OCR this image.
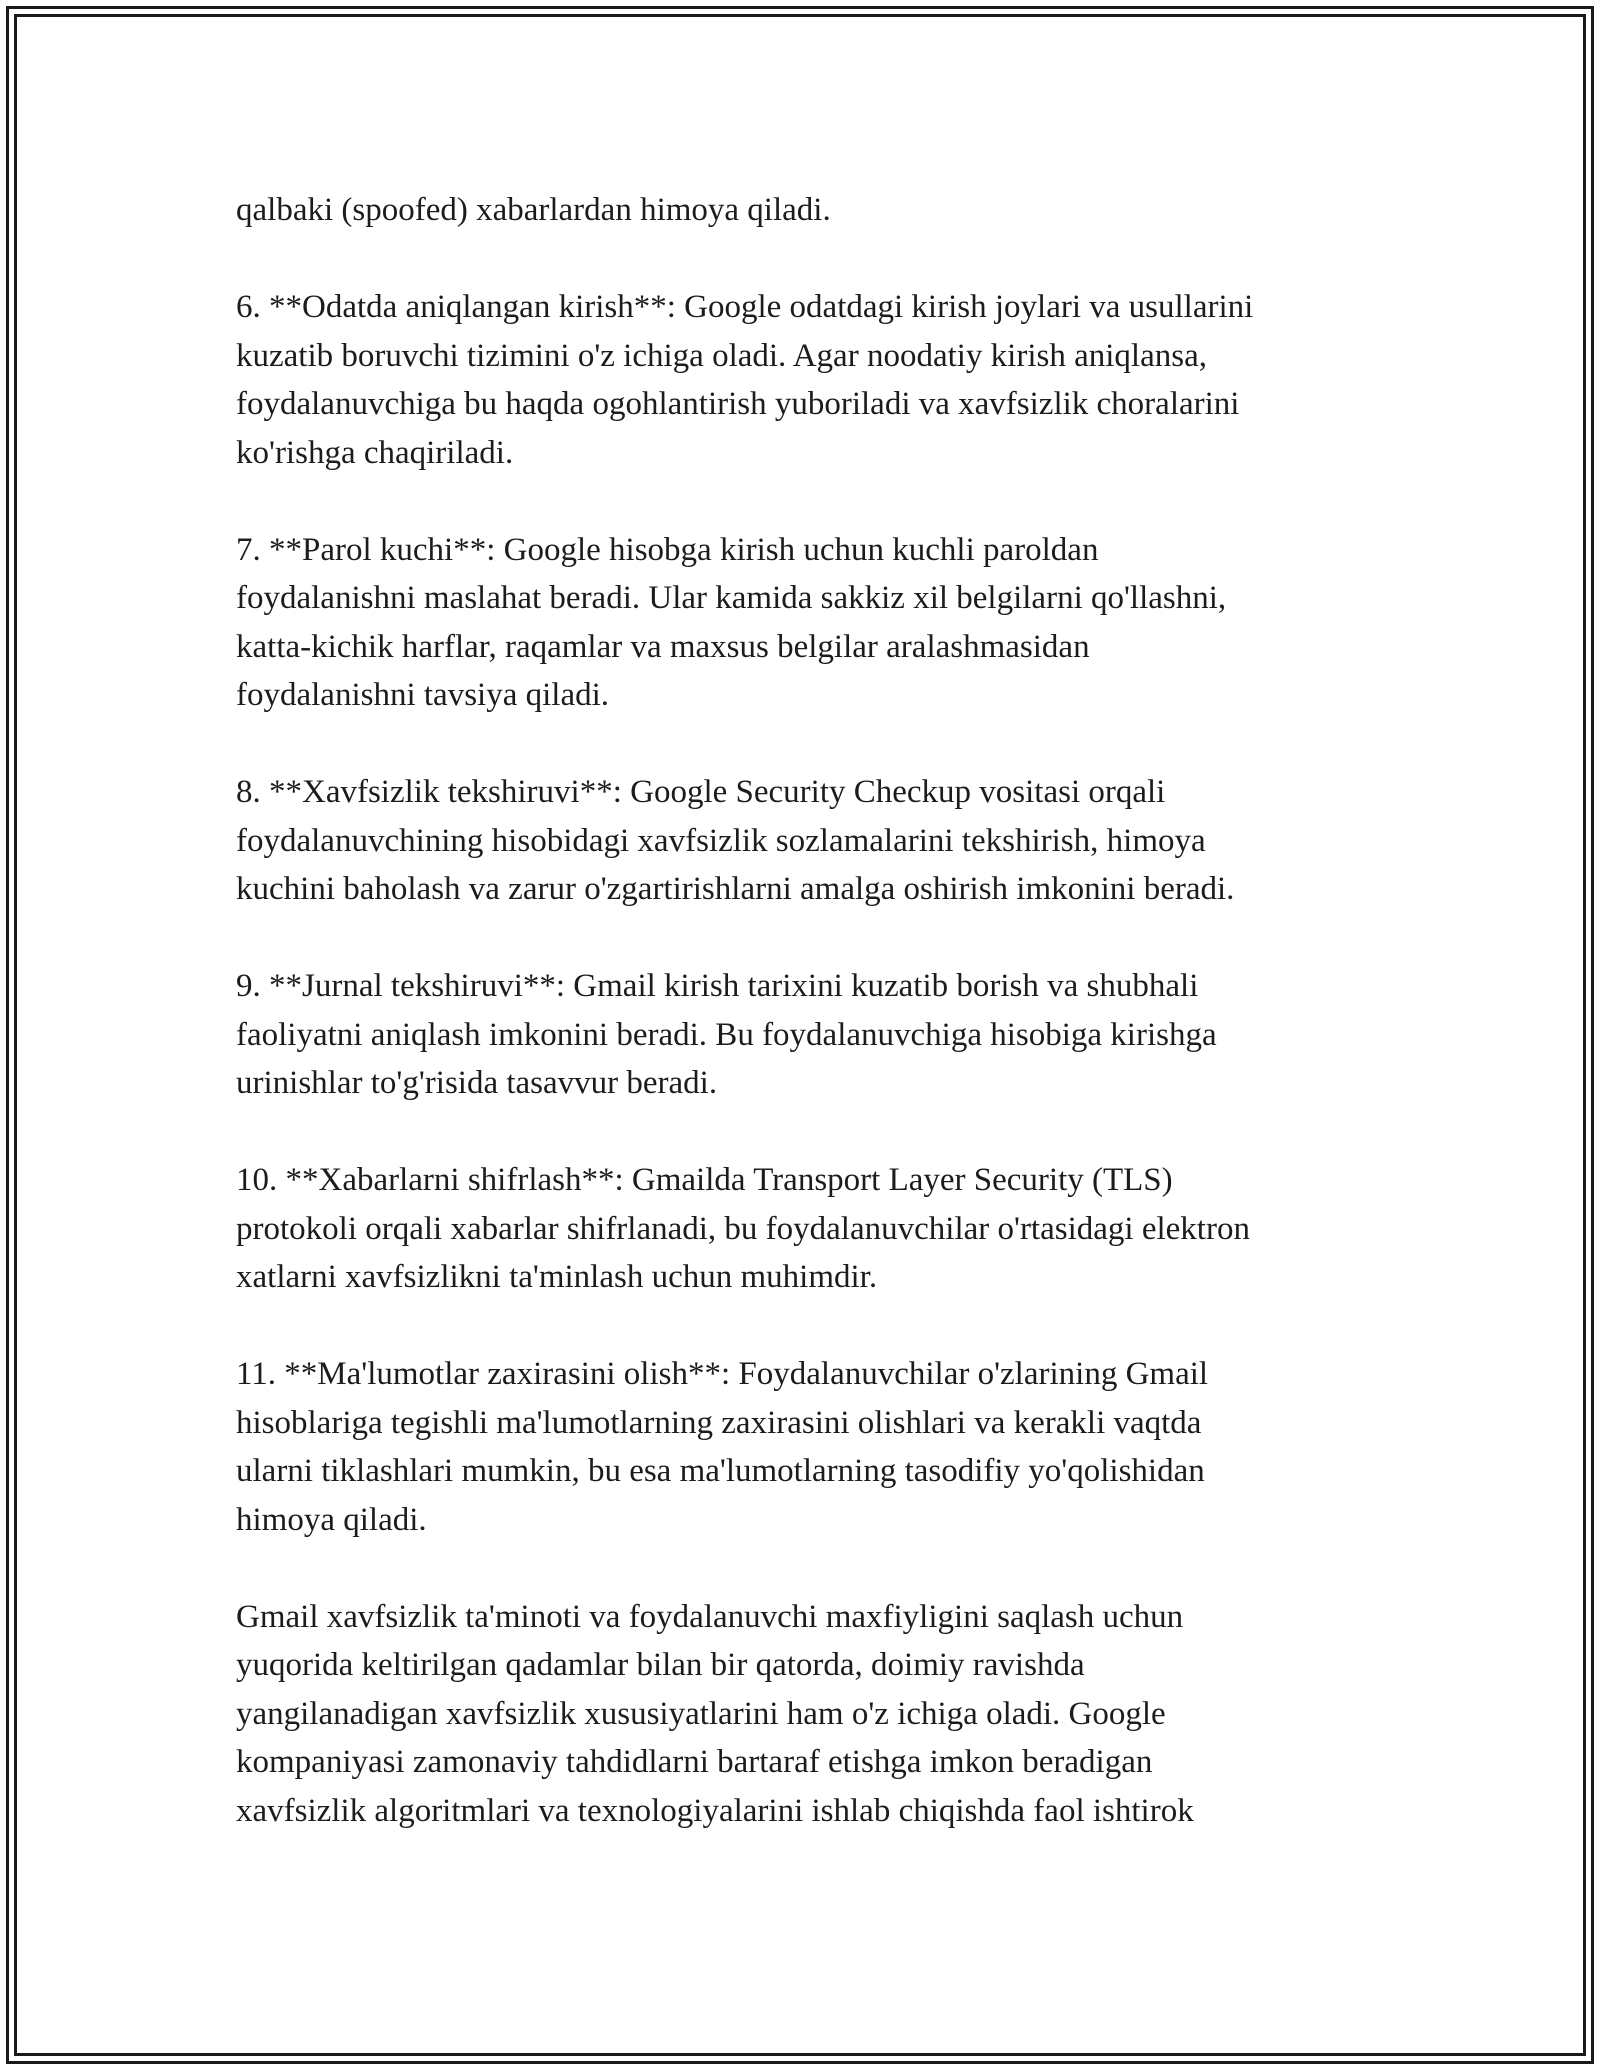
qalbaki (spoofed) xabarlardan himoya qiladi.

6. **Odatda aniqlangan kirish**: Google odatdagi kirish joylari va usullarini
kuzatib boruvchi tizimini o'z ichiga oladi. Agar noodatiy kirish aniqlansa,
foydalanuvchiga bu haqda ogohlantirish yuboriladi va xavfsizlik choralarini
ko'rishga chaqiriladi.

7. **Parol kuchi**: Google hisobga kirish uchun kuchli paroldan
foydalanishni maslahat beradi. Ular kamida sakkiz xil belgilarni qo'llashni,
katta-kichik harflar, raqamlar va maxsus belgilar aralashmasidan
foydalanishni tavsiya qiladi.

8. **Xavfsizlik tekshiruvi**: Google Security Checkup vositasi orqali
foydalanuvchining hisobidagi xavfsizlik sozlamalarini tekshirish, himoya
kuchini baholash va zarur o'zgartirishlarni amalga oshirish imkonini beradi.

9. **Jurnal tekshiruvi**: Gmail kirish tarixini kuzatib borish va shubhali
faoliyatni aniqlash imkonini beradi. Bu foydalanuvchiga hisobiga kirishga
urinishlar to'g'risida tasavvur beradi.

10. **Xabarlarni shifrlash**: Gmailda Transport Layer Security (TLS)
protokoli orqali xabarlar shifrlanadi, bu foydalanuvchilar o'rtasidagi elektron
xatlarni xavfsizlikni ta'minlash uchun muhimdir.

11. **Ma'lumotlar zaxirasini olish**: Foydalanuvchilar o'zlarining Gmail
hisoblariga tegishli ma'lumotlarning zaxirasini olishlari va kerakli vaqtda
ularni tiklashlari mumkin, bu esa ma'lumotlarning tasodifiy yo'qolishidan
himoya qiladi.

Gmail xavfsizlik ta'minoti va foydalanuvchi maxfiyligini saqlash uchun
yuqorida keltirilgan qadamlar bilan bir qatorda, doimiy ravishda
yangilanadigan xavfsizlik xususiyatlarini ham o'z ichiga oladi. Google
kompaniyasi zamonaviy tahdidlarni bartaraf etishga imkon beradigan
xavfsizlik algoritmlari va texnologiyalarini ishlab chiqishda faol ishtirok
